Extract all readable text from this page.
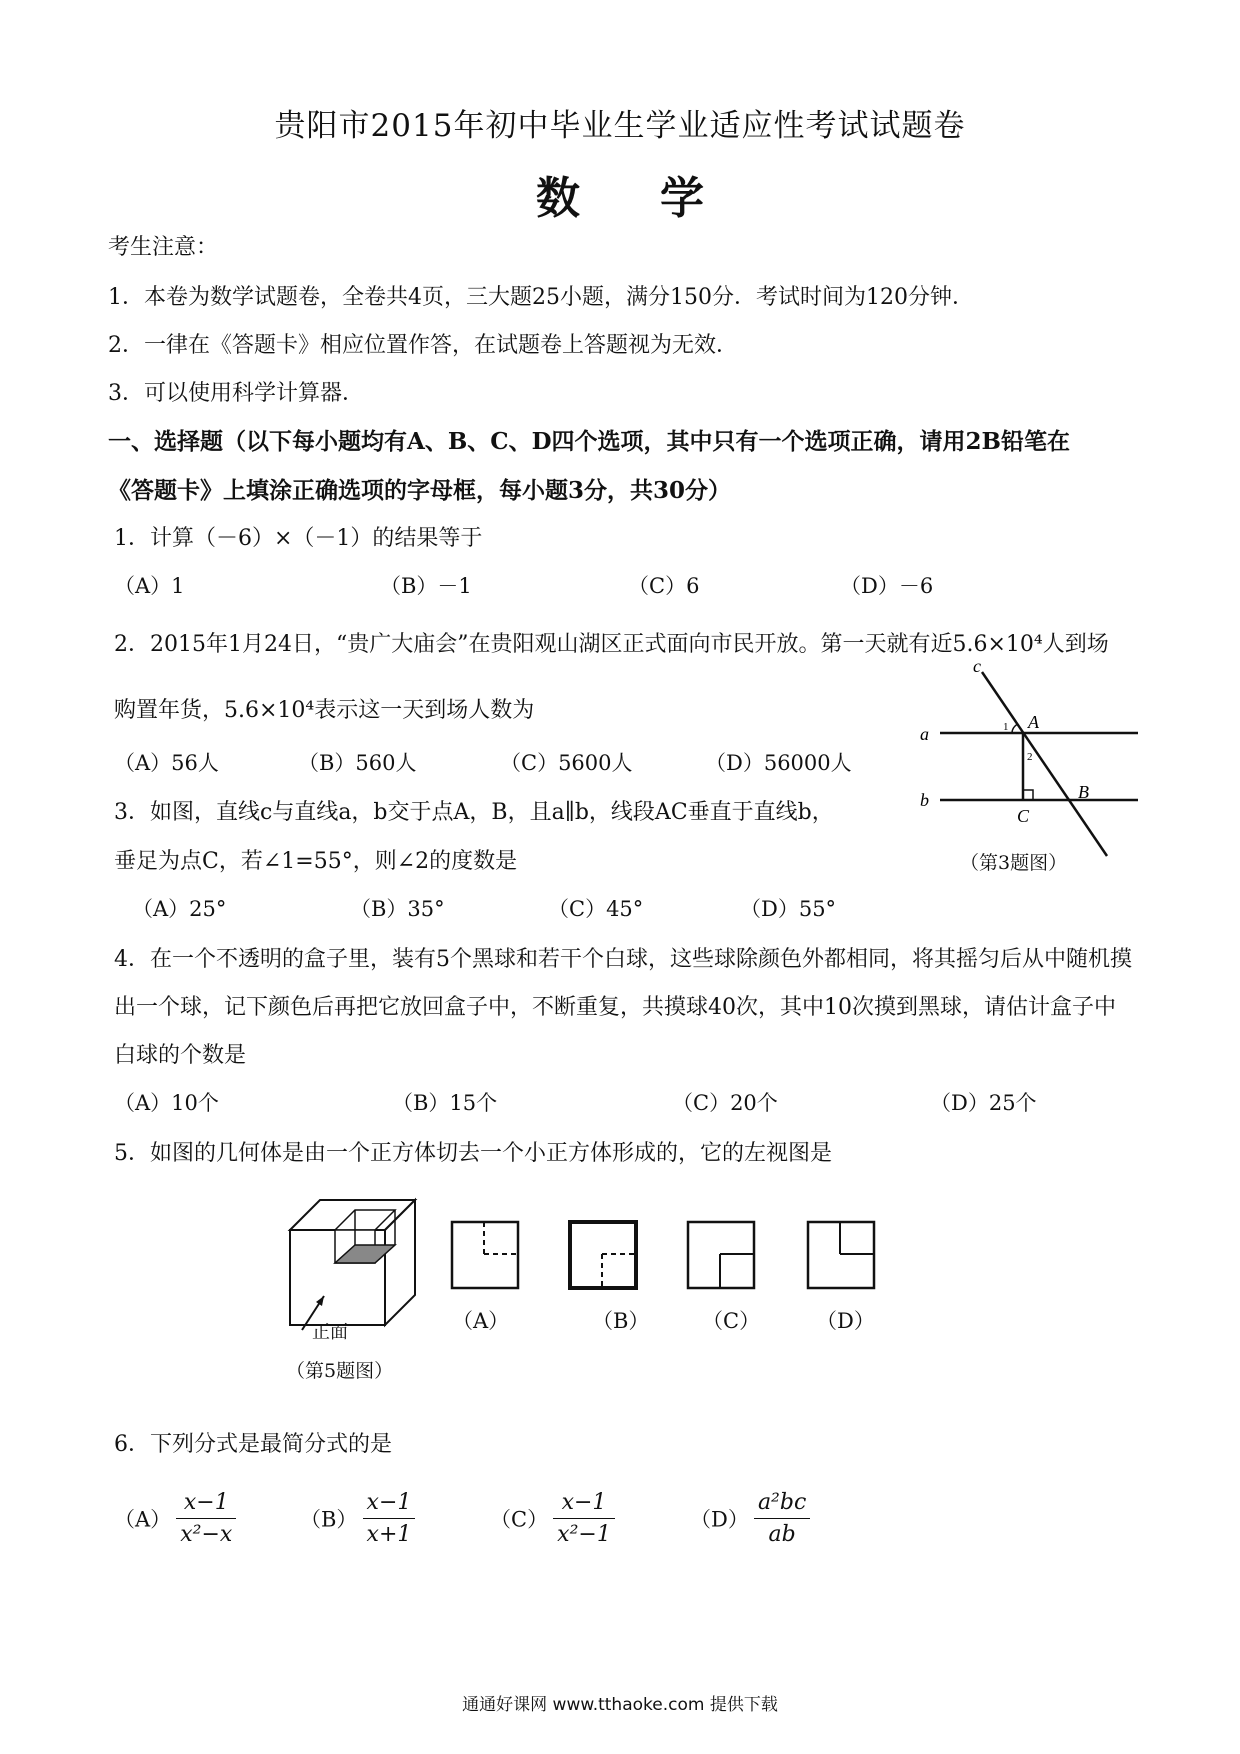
贵阳市2015年初中毕业生学业适应性考试试题卷
数学
考生注意：
1．本卷为数学试题卷，全卷共4页，三大题25小题，满分150分．考试时间为120分钟．
2．一律在《答题卡》相应位置作答，在试题卷上答题视为无效．
3．可以使用科学计算器．
一、选择题（以下每小题均有A、B、C、D四个选项，其中只有一个选项正确，请用2B铅笔在
《答题卡》上填涂正确选项的字母框，每小题3分，共30分）
1．计算（－6）×（－1）的结果等于
（A）1	（B）－1	（C）6	（D）－6
2．2015年1月24日，“贵广大庙会”在贵阳观山湖区正式面向市民开放。第一天就有近5.6×10⁴人到场
购置年货，5.6×10⁴表示这一天到场人数为
（A）56人	（B）560人	（C）5600人	（D）56000人
c
a
b
A
B
C
1
2
（第3题图）
3．如图，直线c与直线a，b交于点A，B，且a∥b，线段AC垂直于直线b，
垂足为点C，若∠1=55°，则∠2的度数是
（A）25°	（B）35°	（C）45°	（D）55°
4．在一个不透明的盒子里，装有5个黑球和若干个白球，这些球除颜色外都相同，将其摇匀后从中随机摸
出一个球，记下颜色后再把它放回盒子中，不断重复，共摸球40次，其中10次摸到黑球，请估计盒子中
白球的个数是
（A）10个	（B）15个	（C）20个	（D）25个
5．如图的几何体是由一个正方体切去一个小正方体形成的，它的左视图是
正面
（第5题图）
（A）	（B）	（C）	（D）
6．下列分式是最简分式的是
$(A) \frac{x-1}{\text{x²−x}}$	$(B) \frac{x-1}{x+1}$	$(C) \frac{x-1}{\text{x²−1}}$	$(D) \frac{\text{a²bc}}{ab}$
通通好课网 www.tthaoke.com 提供下载
